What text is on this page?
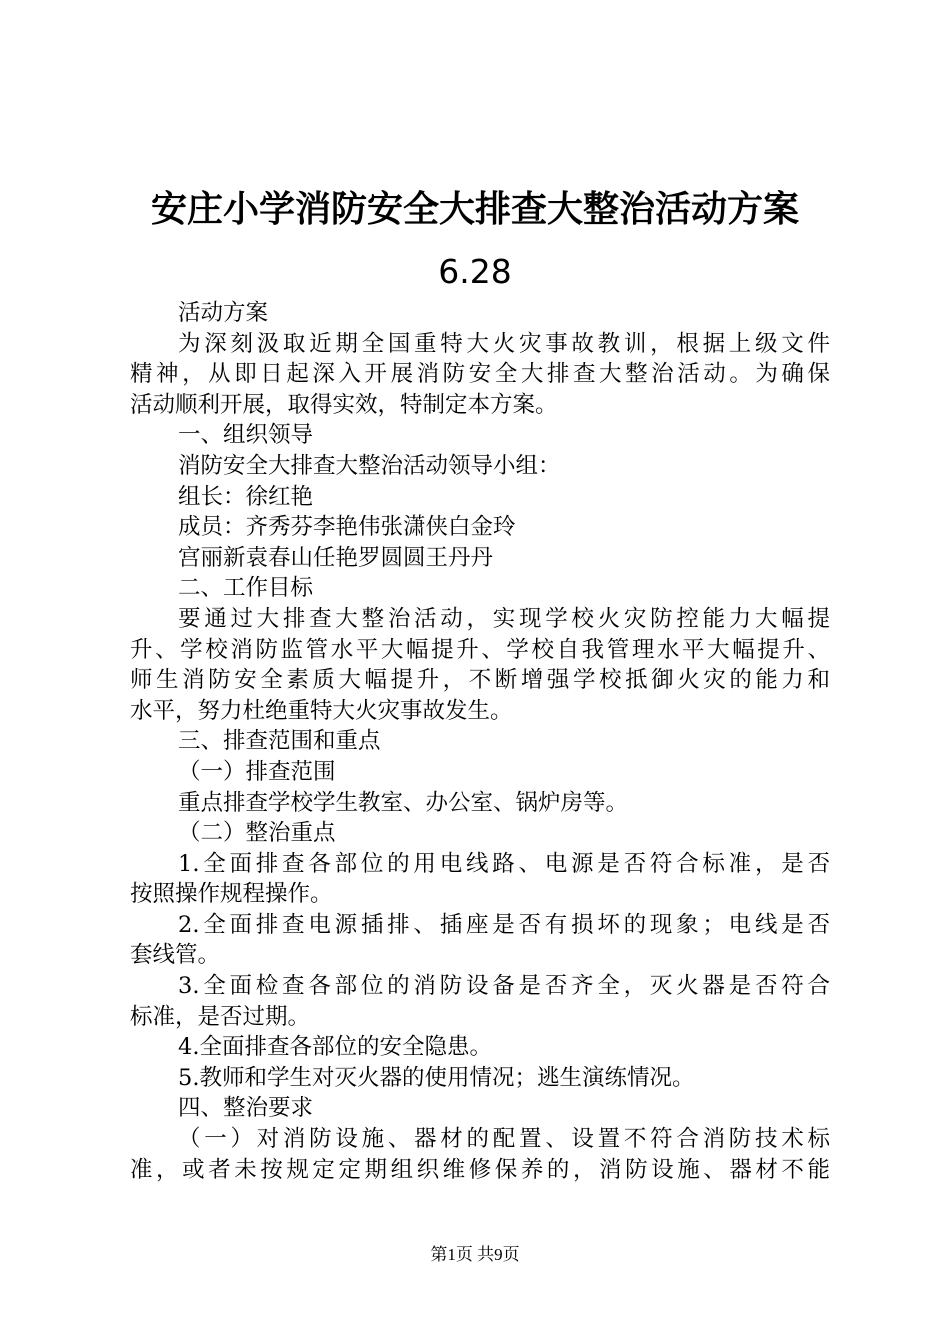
安庄小学消防安全大排查大整治活动方案
6.28

活动方案

为深刻汲取近期全国重特大火灾事故教训，根据上级文件

精神，从即日起深入开展消防安全大排查大整治活动。为确保

活动顺利开展，取得实效，特制定本方案。

一、组织领导

消防安全大排查大整治活动领导小组：

组长：徐红艳

成员：齐秀芬李艳伟张潇侠白金玲

宫丽新袁春山任艳罗圆圆王丹丹

二、工作目标

要通过大排查大整治活动，实现学校火灾防控能力大幅提

升、学校消防监管水平大幅提升、学校自我管理水平大幅提升、

师生消防安全素质大幅提升，不断增强学校抵御火灾的能力和

水平，努力杜绝重特大火灾事故发生。

三、排查范围和重点

（一）排查范围

重点排查学校学生教室、办公室、锅炉房等。

（二）整治重点

1.全面排查各部位的用电线路、电源是否符合标准，是否

按照操作规程操作。

2.全面排查电源插排、插座是否有损坏的现象；电线是否

套线管。

3.全面检查各部位的消防设备是否齐全，灭火器是否符合

标准，是否过期。

4.全面排查各部位的安全隐患。

5.教师和学生对灭火器的使用情况；逃生演练情况。

四、整治要求

（一）对消防设施、器材的配置、设置不符合消防技术标

准，或者未按规定定期组织维修保养的，消防设施、器材不能

第1页 共9页
